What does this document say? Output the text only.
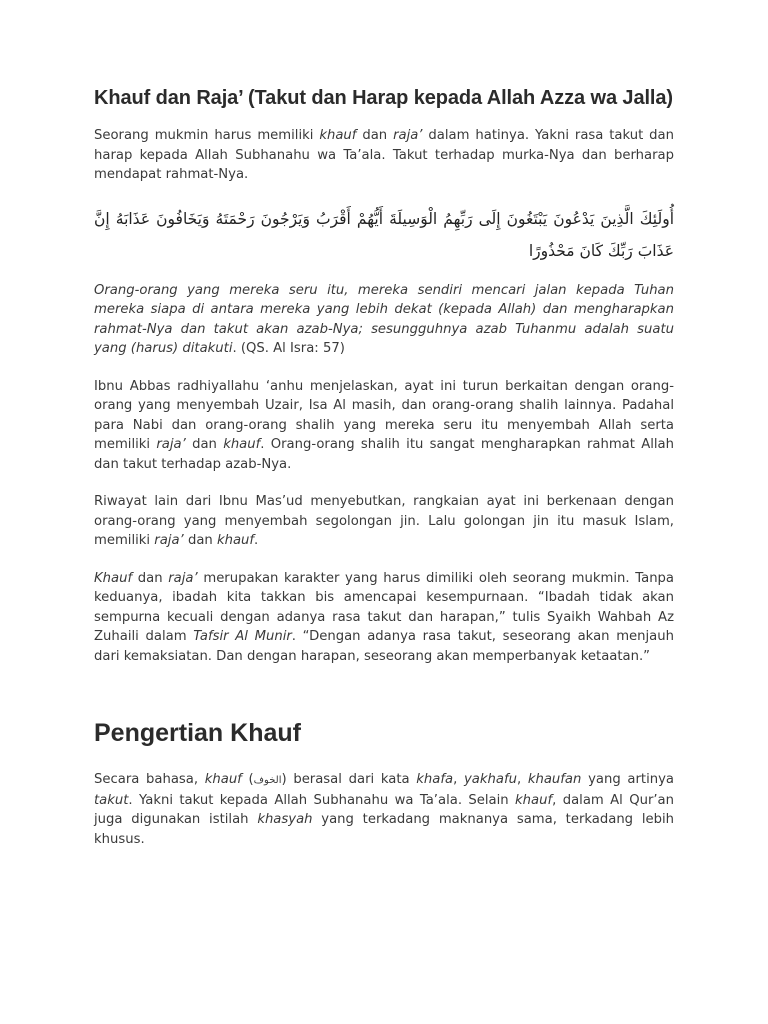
Khauf dan Raja’ (Takut dan Harap kepada Allah Azza wa Jalla)

Seorang mukmin harus memiliki khauf dan raja’ dalam hatinya. Yakni rasa takut dan harap kepada Allah Subhanahu wa Ta’ala. Takut terhadap murka-Nya dan berharap mendapat rahmat-Nya.

أُولَئِكَ الَّذِينَ يَدْعُونَ يَبْتَغُونَ إِلَى رَبِّهِمُ الْوَسِيلَةَ أَيُّهُمْ أَقْرَبُ وَيَرْجُونَ رَحْمَتَهُ وَيَخَافُونَ عَذَابَهُ إِنَّ عَذَابَ رَبِّكَ كَانَ مَحْذُورًا

Orang-orang yang mereka seru itu, mereka sendiri mencari jalan kepada Tuhan mereka siapa di antara mereka yang lebih dekat (kepada Allah) dan mengharapkan rahmat-Nya dan takut akan azab-Nya; sesungguhnya azab Tuhanmu adalah suatu yang (harus) ditakuti. (QS. Al Isra: 57)

Ibnu Abbas radhiyallahu ‘anhu menjelaskan, ayat ini turun berkaitan dengan orang-orang yang menyembah Uzair, Isa Al masih, dan orang-orang shalih lainnya. Padahal para Nabi dan orang-orang shalih yang mereka seru itu menyembah Allah serta memiliki raja’ dan khauf. Orang-orang shalih itu sangat mengharapkan rahmat Allah dan takut terhadap azab-Nya.

Riwayat lain dari Ibnu Mas’ud menyebutkan, rangkaian ayat ini berkenaan dengan orang-orang yang menyembah segolongan jin. Lalu golongan jin itu masuk Islam, memiliki raja’ dan khauf.

Khauf dan raja’ merupakan karakter yang harus dimiliki oleh seorang mukmin. Tanpa keduanya, ibadah kita takkan bis amencapai kesempurnaan. “Ibadah tidak akan sempurna kecuali dengan adanya rasa takut dan harapan,” tulis Syaikh Wahbah Az Zuhaili dalam Tafsir Al Munir. “Dengan adanya rasa takut, seseorang akan menjauh dari kemaksiatan. Dan dengan harapan, seseorang akan memperbanyak ketaatan.”

Pengertian Khauf

Secara bahasa, khauf (الخوف) berasal dari kata khafa, yakhafu, khaufan yang artinya takut. Yakni takut kepada Allah Subhanahu wa Ta’ala. Selain khauf, dalam Al Qur’an juga digunakan istilah khasyah yang terkadang maknanya sama, terkadang lebih khusus.
